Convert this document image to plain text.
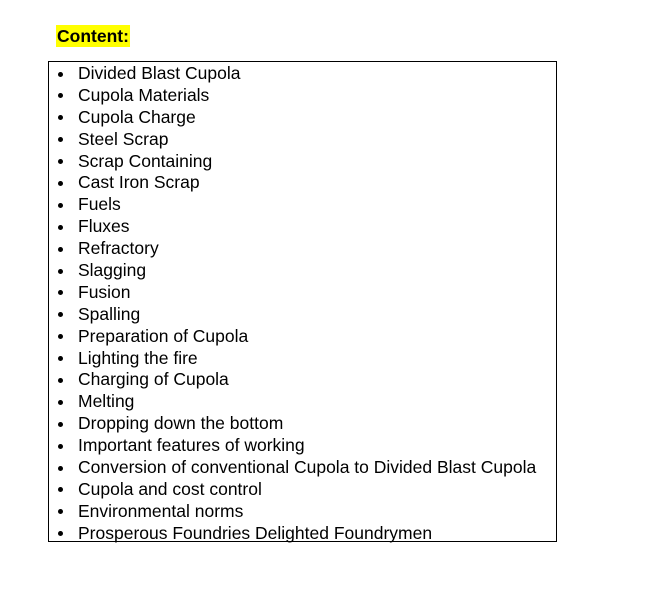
Content:
Divided Blast Cupola
Cupola Materials
Cupola Charge
Steel Scrap
Scrap Containing
Cast Iron Scrap
Fuels
Fluxes
Refractory
Slagging
Fusion
Spalling
Preparation of Cupola
Lighting the fire
Charging of Cupola
Melting
Dropping down the bottom
Important features of working
Conversion of conventional Cupola to Divided Blast Cupola
Cupola and cost control
Environmental norms
Prosperous Foundries Delighted Foundrymen
